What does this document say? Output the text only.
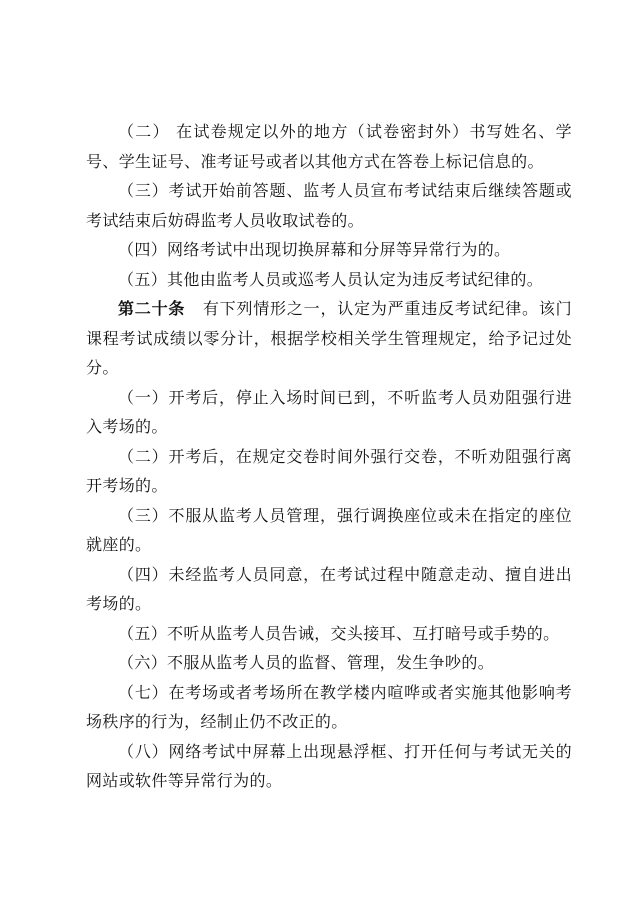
（二） 在试卷规定以外的地方（试卷密封外）书写姓名、学号、学生证号、准考证号或者以其他方式在答卷上标记信息的。

（三）考试开始前答题、监考人员宣布考试结束后继续答题或考试结束后妨碍监考人员收取试卷的。

（四）网络考试中出现切换屏幕和分屏等异常行为的。

（五）其他由监考人员或巡考人员认定为违反考试纪律的。

第二十条 有下列情形之一，认定为严重违反考试纪律。该门课程考试成绩以零分计，根据学校相关学生管理规定，给予记过处分。

（一）开考后，停止入场时间已到，不听监考人员劝阻强行进入考场的。

（二）开考后，在规定交卷时间外强行交卷，不听劝阻强行离开考场的。

（三）不服从监考人员管理，强行调换座位或未在指定的座位就座的。

（四）未经监考人员同意，在考试过程中随意走动、擅自进出考场的。

（五）不听从监考人员告诫，交头接耳、互打暗号或手势的。

（六）不服从监考人员的监督、管理，发生争吵的。

（七）在考场或者考场所在教学楼内喧哗或者实施其他影响考场秩序的行为，经制止仍不改正的。

（八）网络考试中屏幕上出现悬浮框、打开任何与考试无关的网站或软件等异常行为的。
